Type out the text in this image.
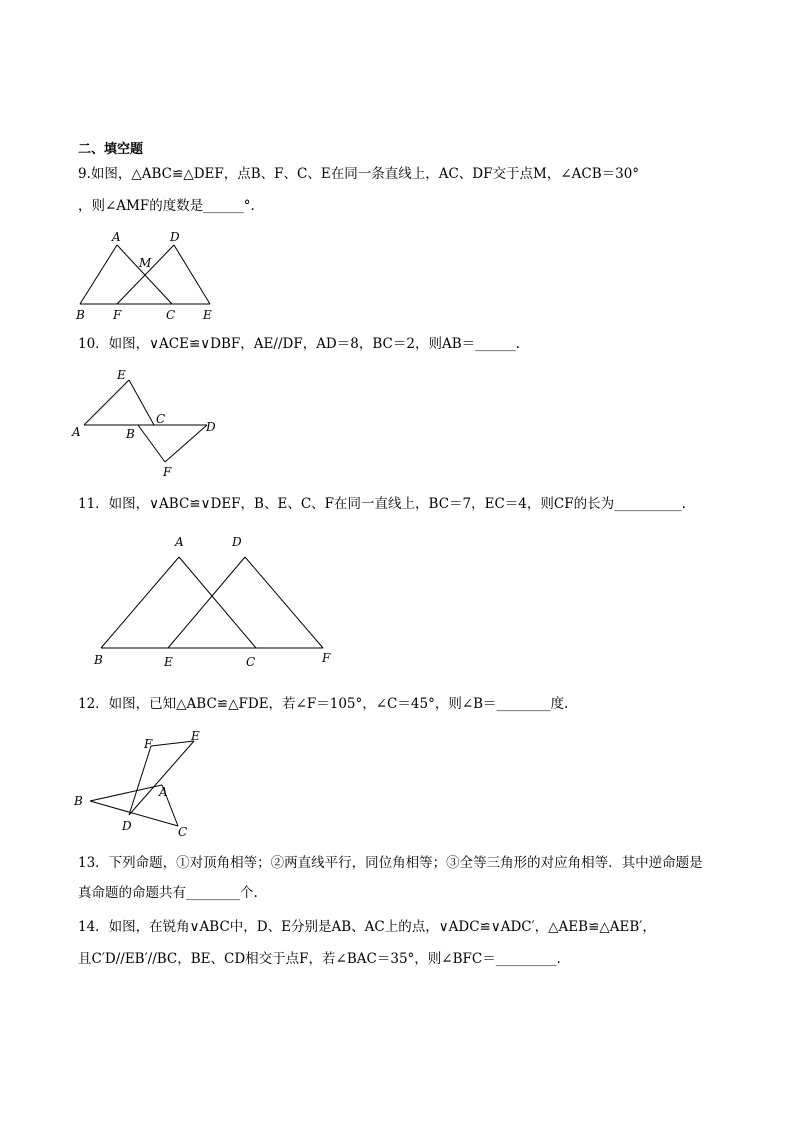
二、填空题
9.如图，△ABC≌△DEF，点B、F、C、E在同一条直线上，AC、DF交于点M，∠ACB＝30°
，则∠AMF的度数是______°.
A	D
M
B F	C E
10．如图，∨ACE≌∨DBF，AE//DF，AD＝8，BC＝2，则AB＝______.
E
C
A	B	D
F
11．如图，∨ABC≌∨DEF，B、E、C、F在同一直线上，BC＝7，EC＝4，则CF的长为__________.
A	D
B	E	C	F
12．如图，已知△ABC≌△FDE，若∠F＝105°，∠C＝45°，则∠B＝________度.
F
E
B
A
D	C
13．下列命题，①对顶角相等；②两直线平行，同位角相等；③全等三角形的对应角相等．其中逆命题是
真命题的命题共有________个.
14．如图，在锐角∨ABC中，D、E分别是AB、AC上的点，∨ADC≌∨ADC′，△AEB≌△AEB′，
且C′D//EB′//BC，BE、CD相交于点F，若∠BAC＝35°，则∠BFC＝_________.
